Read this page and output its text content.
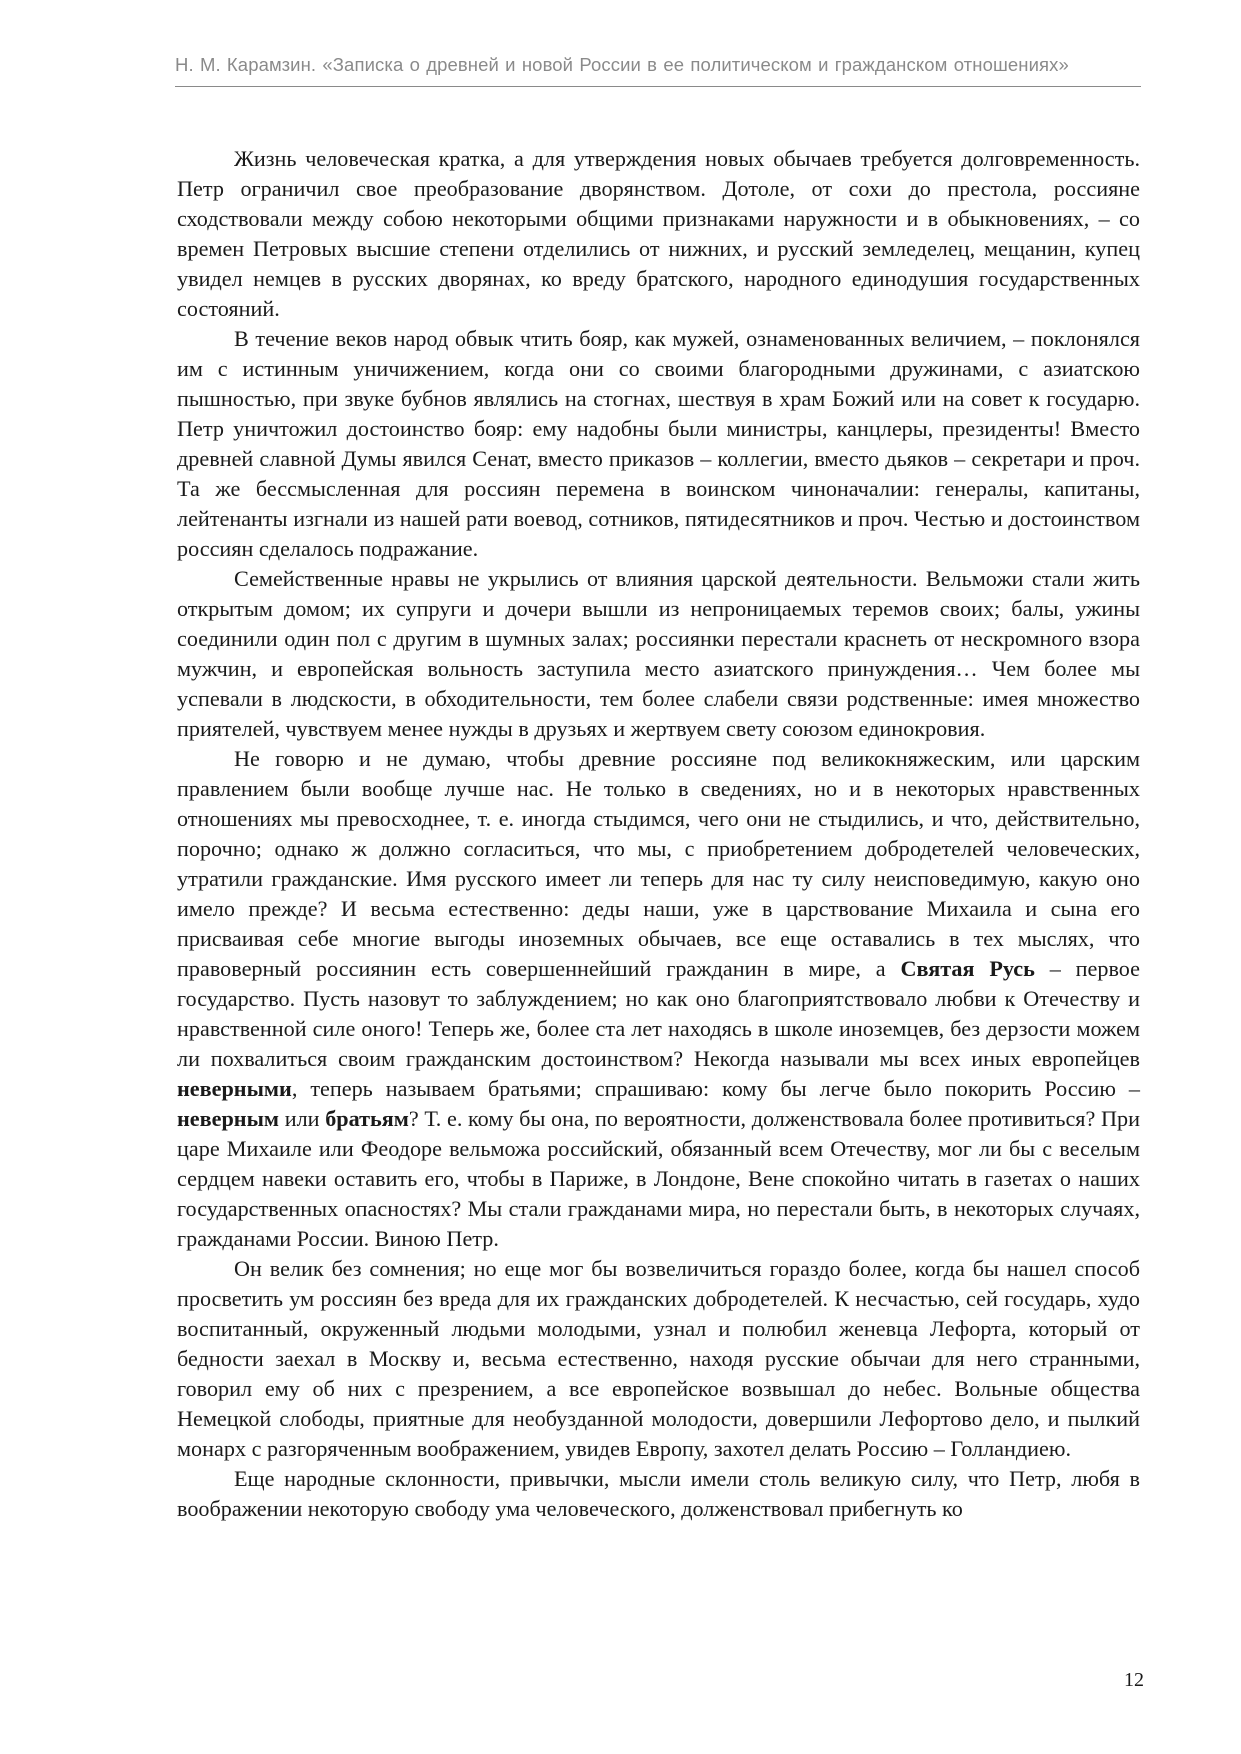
Н. М. Карамзин. «Записка о древней и новой России в ее политическом и гражданском отношениях»

Жизнь человеческая кратка, а для утверждения новых обычаев требуется долговременность. Петр ограничил свое преобразование дворянством. Дотоле, от сохи до престола, россияне сходствовали между собою некоторыми общими признаками наружности и в обыкновениях, – со времен Петровых высшие степени отделились от нижних, и русский земледелец, мещанин, купец увидел немцев в русских дворянах, ко вреду братского, народного единодушия государственных состояний.

В течение веков народ обвык чтить бояр, как мужей, ознаменованных величием, – поклонялся им с истинным уничижением, когда они со своими благородными дружинами, с азиатскою пышностью, при звуке бубнов являлись на стогнах, шествуя в храм Божий или на совет к государю. Петр уничтожил достоинство бояр: ему надобны были министры, канцлеры, президенты! Вместо древней славной Думы явился Сенат, вместо приказов – коллегии, вместо дьяков – секретари и проч. Та же бессмысленная для россиян перемена в воинском чиноначалии: генералы, капитаны, лейтенанты изгнали из нашей рати воевод, сотников, пятидесятников и проч. Честью и достоинством россиян сделалось подражание.

Семейственные нравы не укрылись от влияния царской деятельности. Вельможи стали жить открытым домом; их супруги и дочери вышли из непроницаемых теремов своих; балы, ужины соединили один пол с другим в шумных залах; россиянки перестали краснеть от нескромного взора мужчин, и европейская вольность заступила место азиатского принуждения… Чем более мы успевали в людскости, в обходительности, тем более слабели связи родственные: имея множество приятелей, чувствуем менее нужды в друзьях и жертвуем свету союзом единокровия.

Не говорю и не думаю, чтобы древние россияне под великокняжеским, или царским правлением были вообще лучше нас. Не только в сведениях, но и в некоторых нравственных отношениях мы превосходнее, т. е. иногда стыдимся, чего они не стыдились, и что, действительно, порочно; однако ж должно согласиться, что мы, с приобретением добродетелей человеческих, утратили гражданские. Имя русского имеет ли теперь для нас ту силу неисповедимую, какую оно имело прежде? И весьма естественно: деды наши, уже в царствование Михаила и сына его присваивая себе многие выгоды иноземных обычаев, все еще оставались в тех мыслях, что правоверный россиянин есть совершеннейший гражданин в мире, а Святая Русь – первое государство. Пусть назовут то заблуждением; но как оно благоприятствовало любви к Отечеству и нравственной силе оного! Теперь же, более ста лет находясь в школе иноземцев, без дерзости можем ли похвалиться своим гражданским достоинством? Некогда называли мы всех иных европейцев неверными, теперь называем братьями; спрашиваю: кому бы легче было покорить Россию – неверным или братьям? Т. е. кому бы она, по вероятности, долженствовала более противиться? При царе Михаиле или Феодоре вельможа российский, обязанный всем Отечеству, мог ли бы с веселым сердцем навеки оставить его, чтобы в Париже, в Лондоне, Вене спокойно читать в газетах о наших государственных опасностях? Мы стали гражданами мира, но перестали быть, в некоторых случаях, гражданами России. Виною Петр.

Он велик без сомнения; но еще мог бы возвеличиться гораздо более, когда бы нашел способ просветить ум россиян без вреда для их гражданских добродетелей. К несчастью, сей государь, худо воспитанный, окруженный людьми молодыми, узнал и полюбил женевца Лефорта, который от бедности заехал в Москву и, весьма естественно, находя русские обычаи для него странными, говорил ему об них с презрением, а все европейское возвышал до небес. Вольные общества Немецкой слободы, приятные для необузданной молодости, довершили Лефортово дело, и пылкий монарх с разгоряченным воображением, увидев Европу, захотел делать Россию – Голландиею.

Еще народные склонности, привычки, мысли имели столь великую силу, что Петр, любя в воображении некоторую свободу ума человеческого, долженствовал прибегнуть ко

12
